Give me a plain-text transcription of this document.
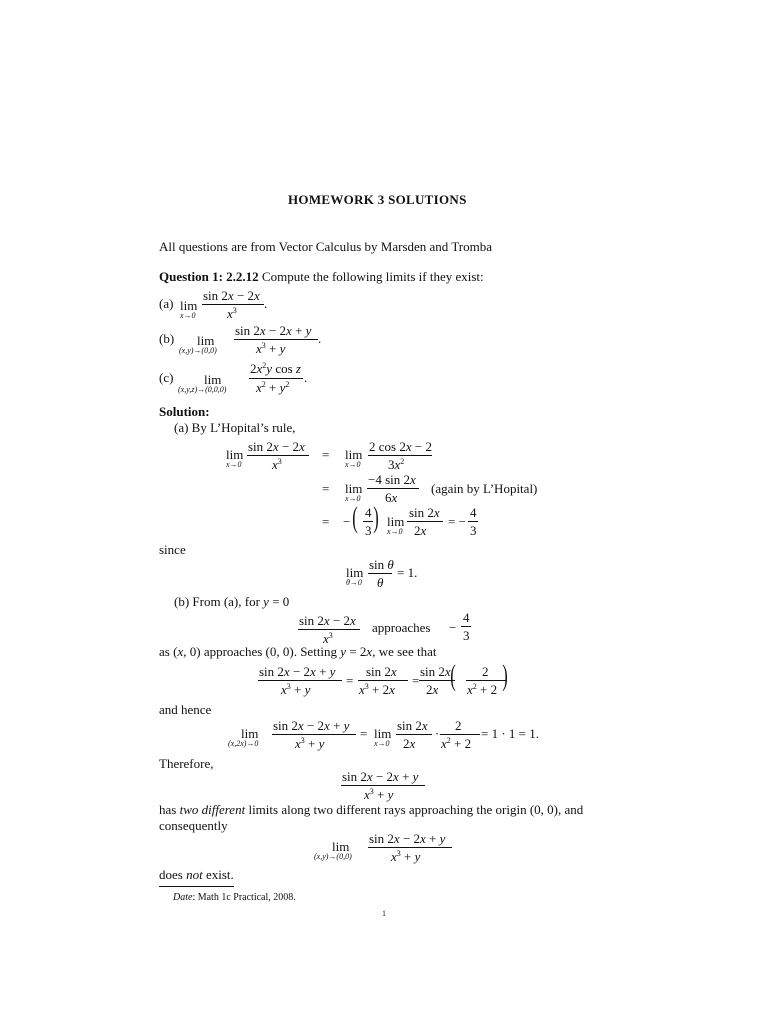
HOMEWORK 3 SOLUTIONS
All questions are from Vector Calculus by Marsden and Tromba
Question 1: 2.2.12 Compute the following limits if they exist:
(a) lim
x→0
sin 2x − 2x
$x^3$ .
(b) lim
(x,y)→(0,0)
sin 2x − 2x + y
$x^3 + y$
.
(c) lim
(x,y,z)→(0,0,0)
$2x^2y$ cos z
$x^2 + y^2$ .
Solution:
(a) By L’Hopital’s rule,
lim
x→0
sin 2x − 2x
$x^3$	= lim
x→0
2 cos 2x − 2
$3x^2$
= lim
x→0
−4 sin 2x
6x
(again by L’Hopital)
= − ( 4
3 ) lim
x→0
sin 2x
2x
= −
4
3
since
lim
θ→0
sin θ
θ
= 1.
(b) From (a), for y = 0
sin 2x − 2x
$x^3$
approaches −
4
3
as (x, 0) approaches (0, 0). Setting y = 2x, we see that
sin 2x − 2x + y
$x^3 + y$
=
sin 2x
$x^3 + 2x$
=
sin 2x
2x ( 2
$x^2 + 2$ )
and hence
lim
(x,2x)→0
sin 2x − 2x + y
$x^3 + y$
= lim
x→0
sin 2x
2x
·
2
$x^2 + 2$
= 1 · 1 = 1.
Therefore,
sin 2x − 2x + y
$x^3 + y$
has two different limits along two different rays approaching the origin (0, 0), and
consequently
lim
(x,y)→(0,0)
sin 2x − 2x + y
$x^3 + y$
does not exist.
Date: Math 1c Practical, 2008.
1
